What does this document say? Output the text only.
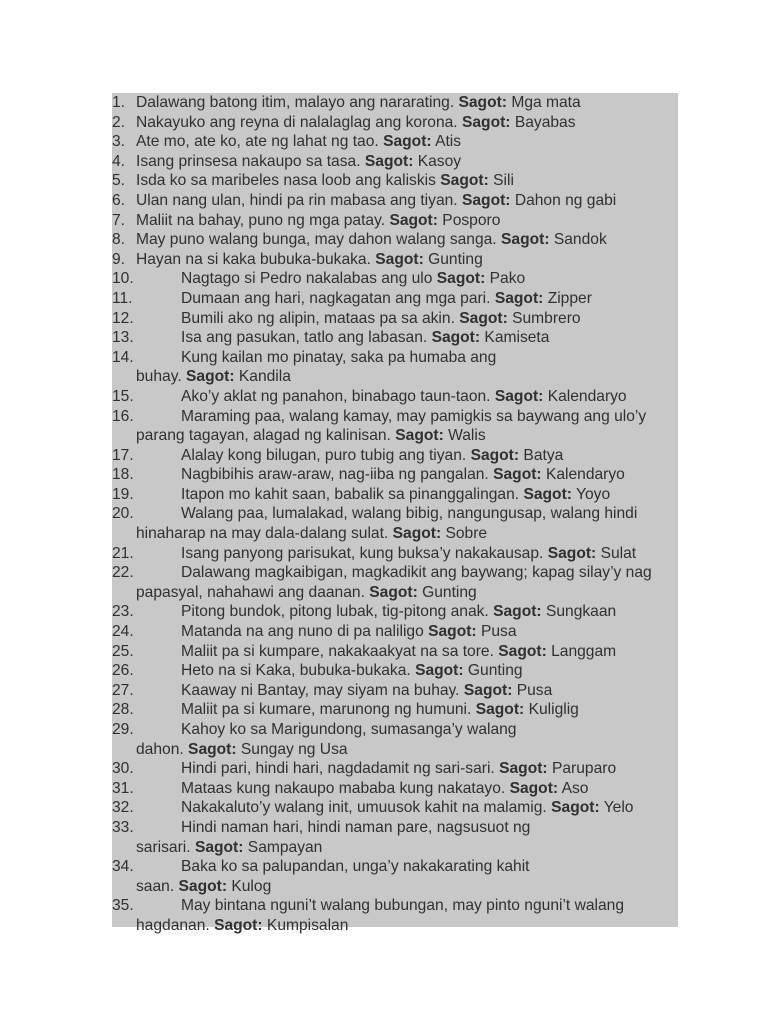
1. Dalawang batong itim, malayo ang nararating. Sagot: Mga mata
2. Nakayuko ang reyna di nalalaglag ang korona. Sagot: Bayabas
3. Ate mo, ate ko, ate ng lahat ng tao. Sagot: Atis
4. Isang prinsesa nakaupo sa tasa. Sagot: Kasoy
5. Isda ko sa maribeles nasa loob ang kaliskis Sagot: Sili
6. Ulan nang ulan, hindi pa rin mabasa ang tiyan. Sagot: Dahon ng gabi
7. Maliit na bahay, puno ng mga patay. Sagot: Posporo
8. May puno walang bunga, may dahon walang sanga. Sagot: Sandok
9. Hayan na si kaka bubuka-bukaka. Sagot: Gunting
10.	Nagtago si Pedro nakalabas ang ulo Sagot: Pako
11.	Dumaan ang hari, nagkagatan ang mga pari. Sagot: Zipper
12.	Bumili ako ng alipin, mataas pa sa akin. Sagot: Sumbrero
13.	Isa ang pasukan, tatlo ang labasan. Sagot: Kamiseta
14.	Kung kailan mo pinatay, saka pa humaba ang
buhay. Sagot: Kandila
15.	Ako’y aklat ng panahon, binabago taun-taon. Sagot: Kalendaryo
16.	Maraming paa, walang kamay, may pamigkis sa baywang ang ulo’y
parang tagayan, alagad ng kalinisan. Sagot: Walis
17.	Alalay kong bilugan, puro tubig ang tiyan. Sagot: Batya
18.	Nagbibihis araw-araw, nag-iiba ng pangalan. Sagot: Kalendaryo
19.	Itapon mo kahit saan, babalik sa pinanggalingan. Sagot: Yoyo
20.	Walang paa, lumalakad, walang bibig, nangungusap, walang hindi
hinaharap na may dala-dalang sulat. Sagot: Sobre
21.	Isang panyong parisukat, kung buksa’y nakakausap. Sagot: Sulat
22.	Dalawang magkaibigan, magkadikit ang baywang; kapag silay’y nag
papasyal, nahahawi ang daanan. Sagot: Gunting
23.	Pitong bundok, pitong lubak, tig-pitong anak. Sagot: Sungkaan
24.	Matanda na ang nuno di pa naliligo Sagot: Pusa
25.	Maliit pa si kumpare, nakakaakyat na sa tore. Sagot: Langgam
26.	Heto na si Kaka, bubuka-bukaka. Sagot: Gunting
27.	Kaaway ni Bantay, may siyam na buhay. Sagot: Pusa
28.	Maliit pa si kumare, marunong ng humuni. Sagot: Kuliglig
29.	Kahoy ko sa Marigundong, sumasanga’y walang
dahon. Sagot: Sungay ng Usa
30.	Hindi pari, hindi hari, nagdadamit ng sari-sari. Sagot: Paruparo
31.	Mataas kung nakaupo mababa kung nakatayo. Sagot: Aso
32.	Nakakaluto’y walang init, umuusok kahit na malamig. Sagot: Yelo
33.	Hindi naman hari, hindi naman pare, nagsusuot ng
sarisari. Sagot: Sampayan
34.	Baka ko sa palupandan, unga’y nakakarating kahit
saan. Sagot: Kulog
35.	May bintana nguni’t walang bubungan, may pinto nguni’t walang
hagdanan. Sagot: Kumpisalan
